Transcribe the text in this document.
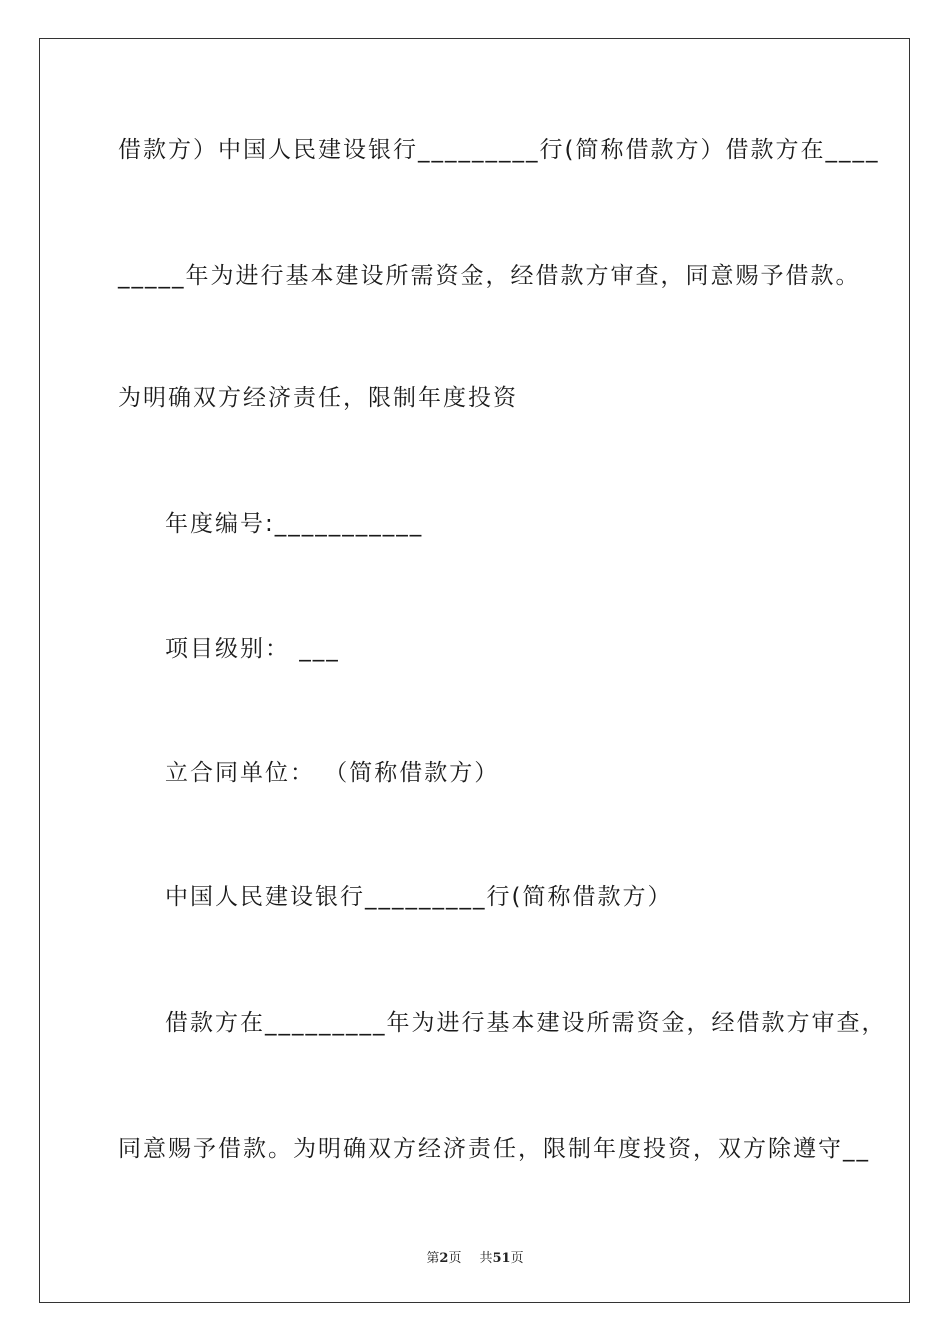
借款方）中国人民建设银行_________行(简称借款方）借款方在____
_____年为进行基本建设所需资金，经借款方审查，同意赐予借款。
为明确双方经济责任，限制年度投资
年度编号:___________
项目级别： ___
立合同单位： （简称借款方）
中国人民建设银行_________行(简称借款方）
借款方在_________年为进行基本建设所需资金，经借款方审查，
同意赐予借款。为明确双方经济责任，限制年度投资，双方除遵守__
第2页 共51页
